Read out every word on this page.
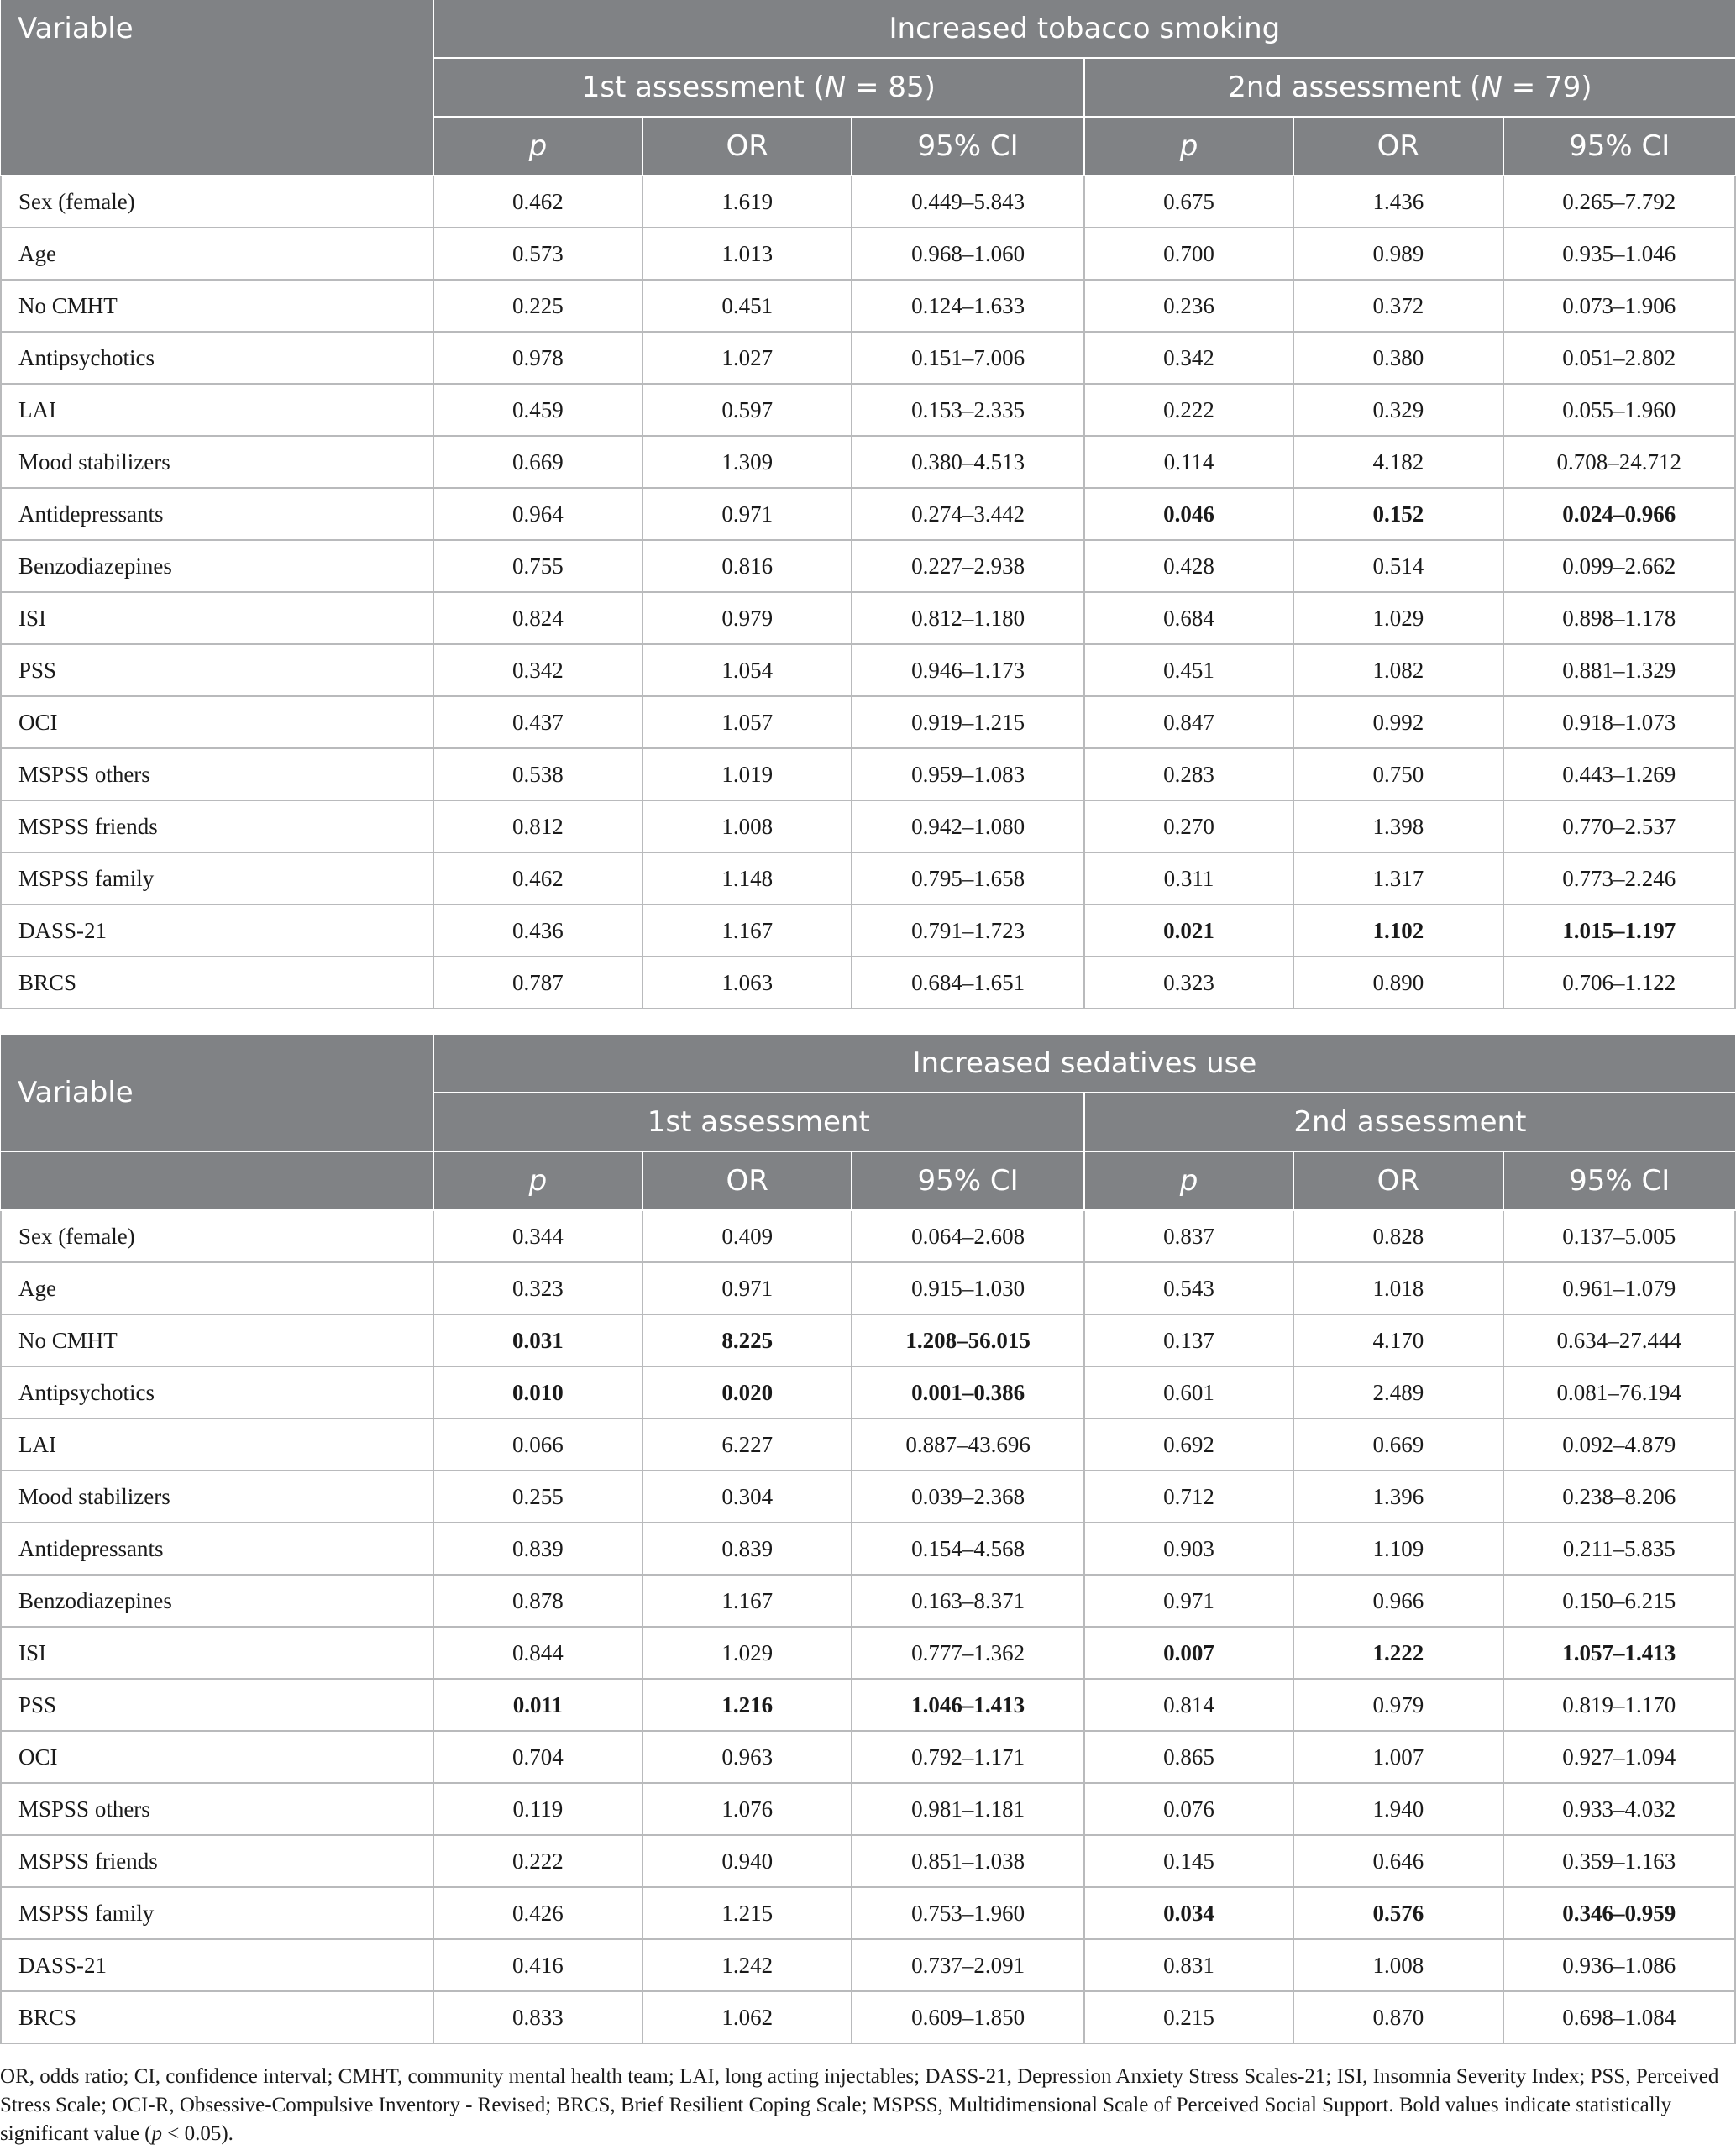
Variable	Increased tobacco smoking					
	1st assessment (N = 85)			2nd assessment (N = 79)		
	p	OR	95% CI	p	OR	95% CI
Sex (female)	0.462	1.619	0.449–5.843	0.675	1.436	0.265–7.792
Age	0.573	1.013	0.968–1.060	0.700	0.989	0.935–1.046
No CMHT	0.225	0.451	0.124–1.633	0.236	0.372	0.073–1.906
Antipsychotics	0.978	1.027	0.151–7.006	0.342	0.380	0.051–2.802
LAI	0.459	0.597	0.153–2.335	0.222	0.329	0.055–1.960
Mood stabilizers	0.669	1.309	0.380–4.513	0.114	4.182	0.708–24.712
Antidepressants	0.964	0.971	0.274–3.442	0.046	0.152	0.024–0.966
Benzodiazepines	0.755	0.816	0.227–2.938	0.428	0.514	0.099–2.662
ISI	0.824	0.979	0.812–1.180	0.684	1.029	0.898–1.178
PSS	0.342	1.054	0.946–1.173	0.451	1.082	0.881–1.329
OCI	0.437	1.057	0.919–1.215	0.847	0.992	0.918–1.073
MSPSS others	0.538	1.019	0.959–1.083	0.283	0.750	0.443–1.269
MSPSS friends	0.812	1.008	0.942–1.080	0.270	1.398	0.770–2.537
MSPSS family	0.462	1.148	0.795–1.658	0.311	1.317	0.773–2.246
DASS-21	0.436	1.167	0.791–1.723	0.021	1.102	1.015–1.197
BRCS	0.787	1.063	0.684–1.651	0.323	0.890	0.706–1.122
Variable	Increased sedatives use					
	1st assessment			2nd assessment		
	p	OR	95% CI	p	OR	95% CI
Sex (female)	0.344	0.409	0.064–2.608	0.837	0.828	0.137–5.005
Age	0.323	0.971	0.915–1.030	0.543	1.018	0.961–1.079
No CMHT	0.031	8.225	1.208–56.015	0.137	4.170	0.634–27.444
Antipsychotics	0.010	0.020	0.001–0.386	0.601	2.489	0.081–76.194
LAI	0.066	6.227	0.887–43.696	0.692	0.669	0.092–4.879
Mood stabilizers	0.255	0.304	0.039–2.368	0.712	1.396	0.238–8.206
Antidepressants	0.839	0.839	0.154–4.568	0.903	1.109	0.211–5.835
Benzodiazepines	0.878	1.167	0.163–8.371	0.971	0.966	0.150–6.215
ISI	0.844	1.029	0.777–1.362	0.007	1.222	1.057–1.413
PSS	0.011	1.216	1.046–1.413	0.814	0.979	0.819–1.170
OCI	0.704	0.963	0.792–1.171	0.865	1.007	0.927–1.094
MSPSS others	0.119	1.076	0.981–1.181	0.076	1.940	0.933–4.032
MSPSS friends	0.222	0.940	0.851–1.038	0.145	0.646	0.359–1.163
MSPSS family	0.426	1.215	0.753–1.960	0.034	0.576	0.346–0.959
DASS-21	0.416	1.242	0.737–2.091	0.831	1.008	0.936–1.086
BRCS	0.833	1.062	0.609–1.850	0.215	0.870	0.698–1.084
OR, odds ratio; CI, confidence interval; CMHT, community mental health team; LAI, long acting injectables; DASS-21, Depression Anxiety Stress Scales-21; ISI, Insomnia Severity Index; PSS, Perceived Stress Scale; OCI-R, Obsessive-Compulsive Inventory - Revised; BRCS, Brief Resilient Coping Scale; MSPSS, Multidimensional Scale of Perceived Social Support. Bold values indicate statistically significant value (p < 0.05).
